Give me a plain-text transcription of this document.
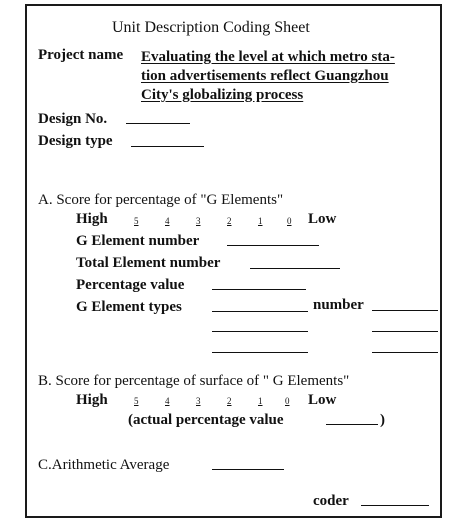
Unit Description Coding Sheet
Project name Evaluating the level at which metro sta-
tion advertisements reflect Guangzhou
City's globalizing process
Design No.
Design type
A. Score for percentage of "G Elements"
High	5	4	3	2	1	0 Low
G Element number
Total Element number
Percentage value
G Element types	number
B. Score for percentage of surface of " G Elements"
High	5	4	3	2	1	0 Low
(actual percentage value	)
C.Arithmetic Average
coder
